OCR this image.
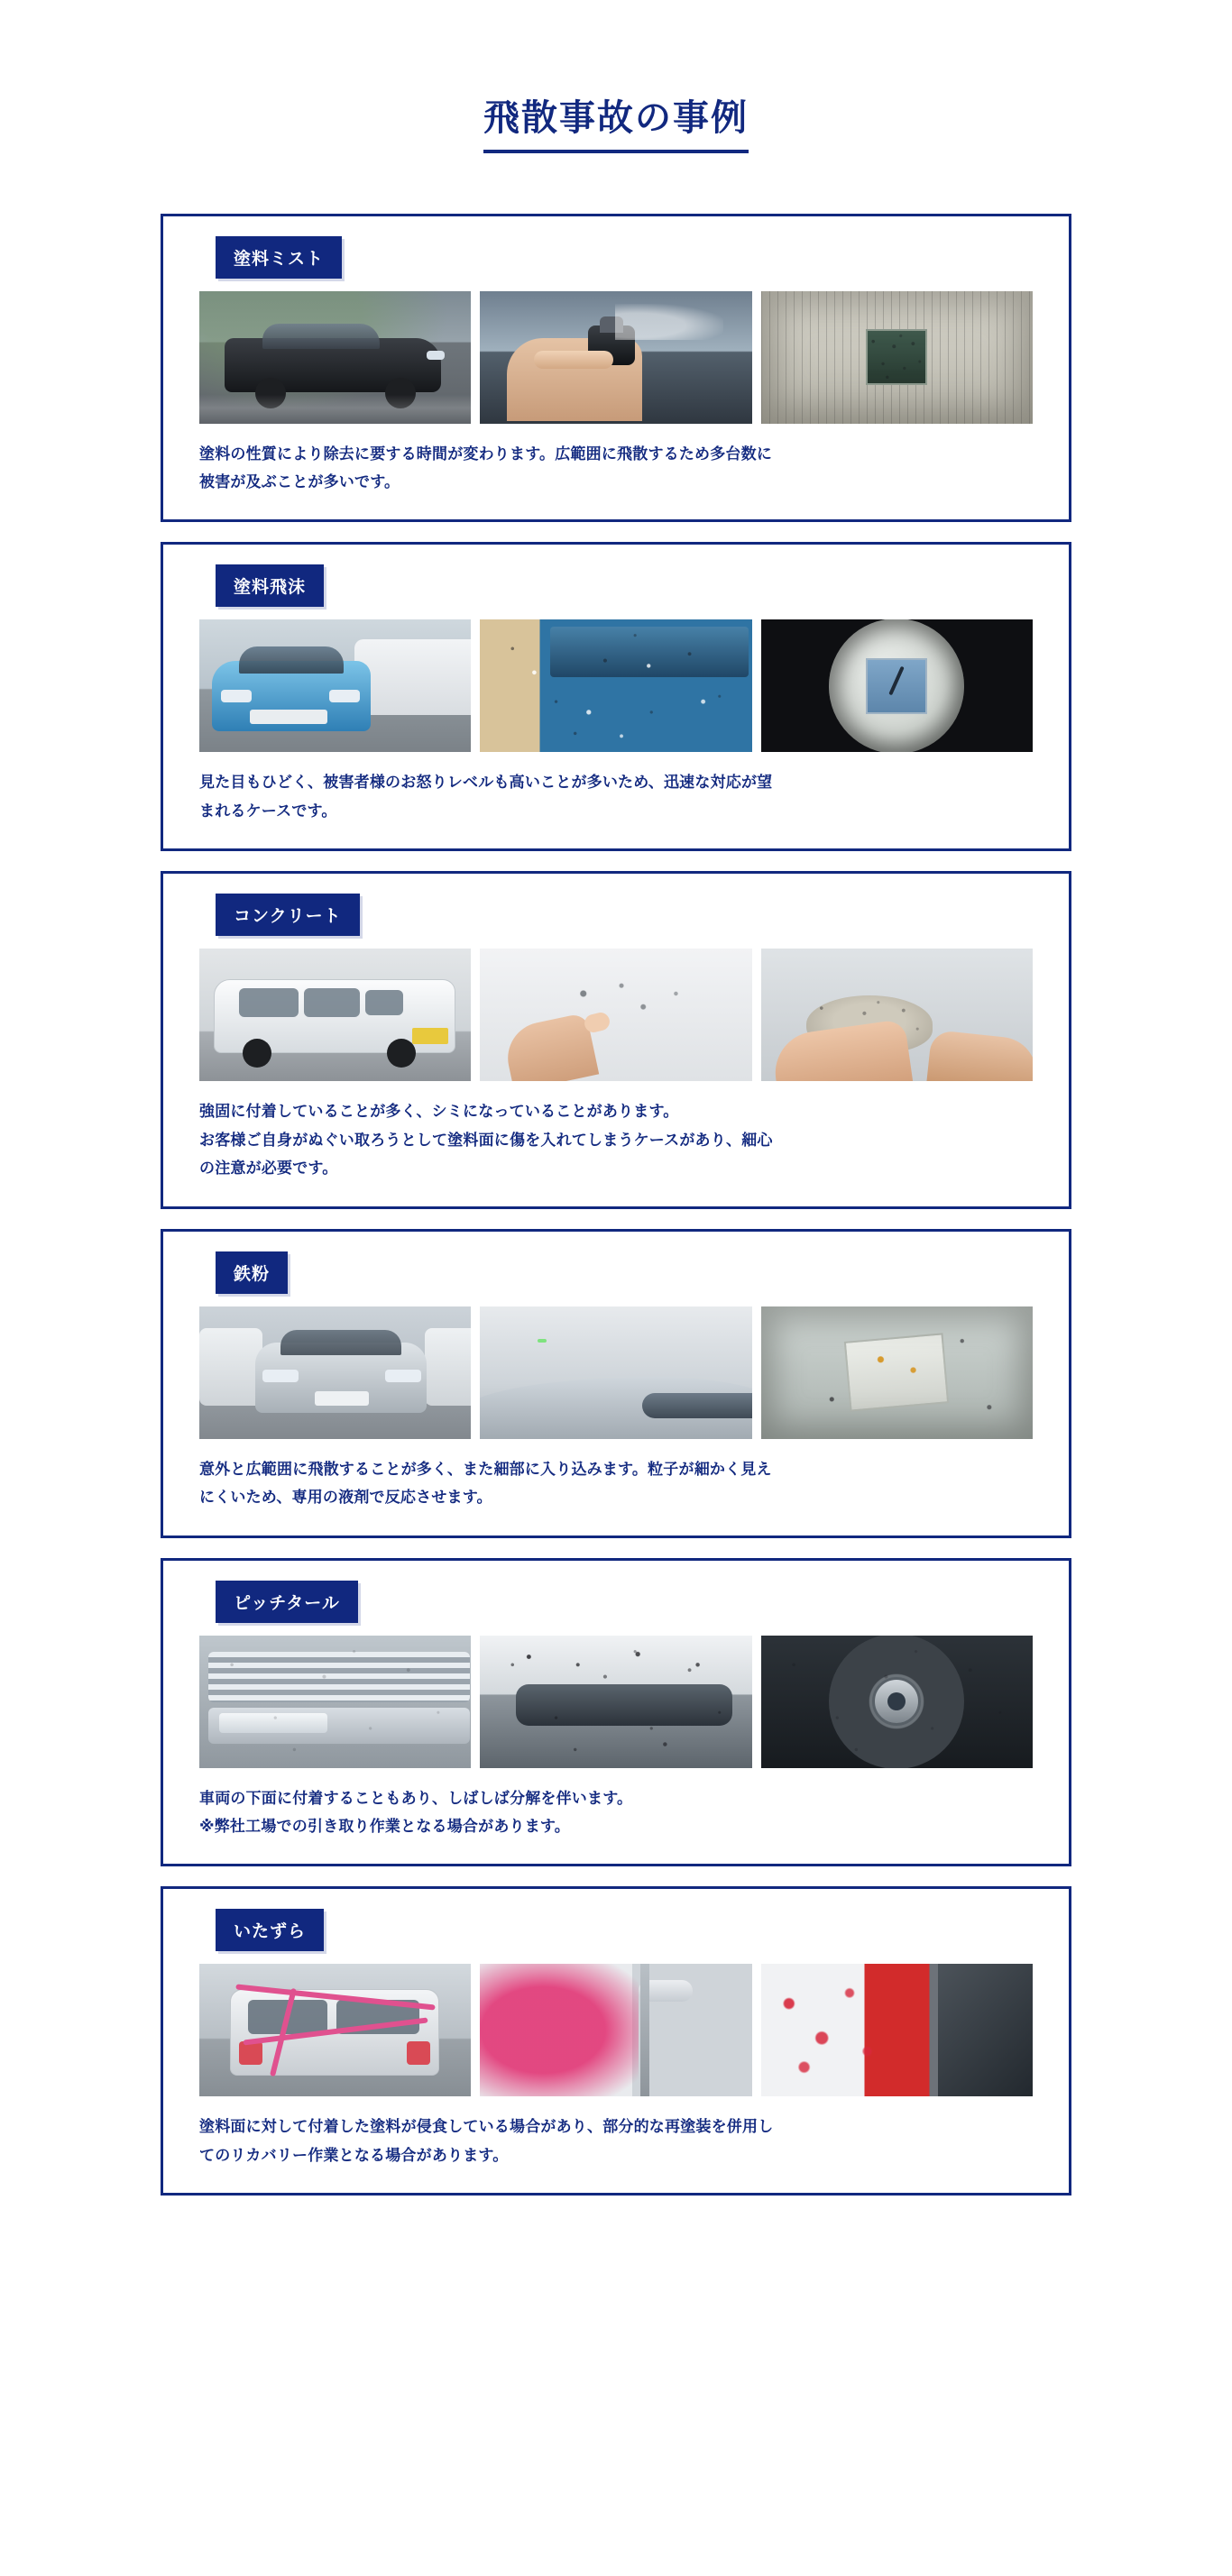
飛散事故の事例
塗料ミスト
塗料の性質により除去に要する時間が変わります。広範囲に飛散するため多台数に
被害が及ぶことが多いです。
塗料飛沫
見た目もひどく、被害者様のお怒りレベルも高いことが多いため、迅速な対応が望
まれるケースです。
コンクリート
強固に付着していることが多く、シミになっていることがあります。
お客様ご自身がぬぐい取ろうとして塗料面に傷を入れてしまうケースがあり、細心
の注意が必要です。
鉄粉
意外と広範囲に飛散することが多く、また細部に入り込みます。粒子が細かく見え
にくいため、専用の液剤で反応させます。
ピッチタール
車両の下面に付着することもあり、しばしば分解を伴います。
※弊社工場での引き取り作業となる場合があります。
いたずら
塗料面に対して付着した塗料が侵食している場合があり、部分的な再塗装を併用し
てのリカバリー作業となる場合があります。
